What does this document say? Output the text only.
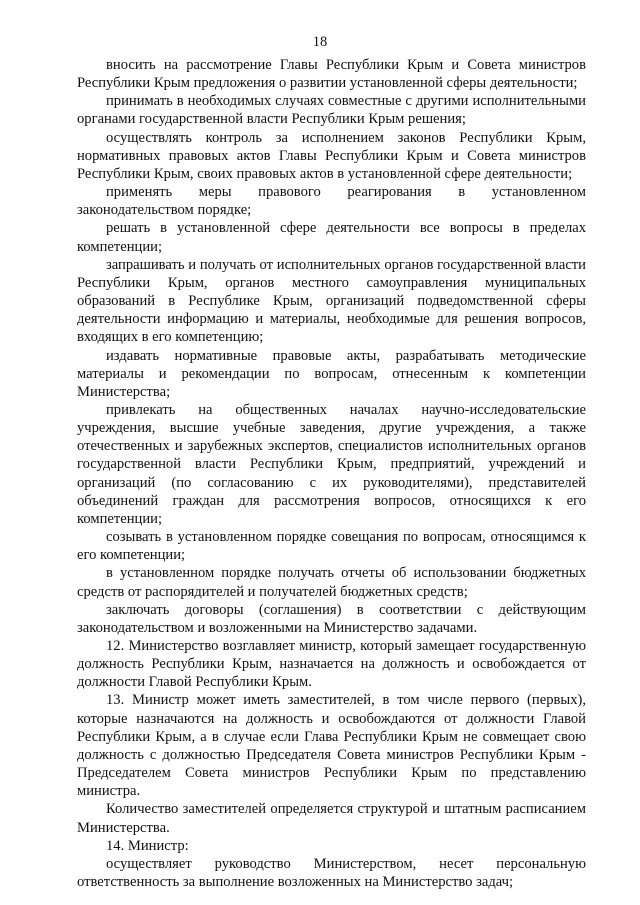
18

вносить на рассмотрение Главы Республики Крым и Совета министров Республики Крым предложения о развитии установленной сферы деятельности;

принимать в необходимых случаях совместные с другими исполнительными органами государственной власти Республики Крым решения;

осуществлять контроль за исполнением законов Республики Крым, нормативных правовых актов Главы Республики Крым и Совета министров Республики Крым, своих правовых актов в установленной сфере деятельности;

применять меры правового реагирования в установленном законодательством порядке;

решать в установленной сфере деятельности все вопросы в пределах компетенции;

запрашивать и получать от исполнительных органов государственной власти Республики Крым, органов местного самоуправления муниципальных образований в Республике Крым, организаций подведомственной сферы деятельности информацию и материалы, необходимые для решения вопросов, входящих в его компетенцию;

издавать нормативные правовые акты, разрабатывать методические материалы и рекомендации по вопросам, отнесенным к компетенции Министерства;

привлекать на общественных началах научно-исследовательские учреждения, высшие учебные заведения, другие учреждения, а также отечественных и зарубежных экспертов, специалистов исполнительных органов государственной власти Республики Крым, предприятий, учреждений и организаций (по согласованию с их руководителями), представителей объединений граждан для рассмотрения вопросов, относящихся к его компетенции;

созывать в установленном порядке совещания по вопросам, относящимся к его компетенции;

в установленном порядке получать отчеты об использовании бюджетных средств от распорядителей и получателей бюджетных средств;

заключать договоры (соглашения) в соответствии с действующим законодательством и возложенными на Министерство задачами.

12. Министерство возглавляет министр, который замещает государственную должность Республики Крым, назначается на должность и освобождается от должности Главой Республики Крым.

13. Министр может иметь заместителей, в том числе первого (первых), которые назначаются на должность и освобождаются от должности Главой Республики Крым, а в случае если Глава Республики Крым не совмещает свою должность с должностью Председателя Совета министров Республики Крым - Председателем Совета министров Республики Крым по представлению министра.

Количество заместителей определяется структурой и штатным расписанием Министерства.

14. Министр:

осуществляет руководство Министерством, несет персональную ответственность за выполнение возложенных на Министерство задач;
